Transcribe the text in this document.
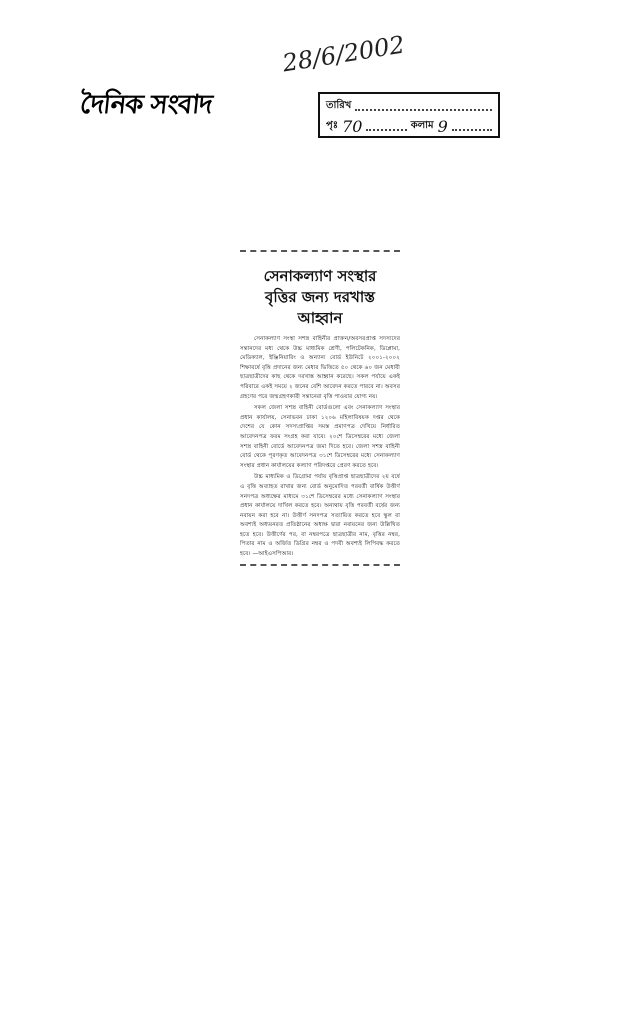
দৈনিক সংবাদ
28/6/2002
তারিখ
পৃঃ 70	কলাম 9
সেনাকল্যাণ সংস্থার
বৃত্তির জন্য দরখাস্ত
আহ্বান

সেনাকল্যাণ সংস্থা সশস্ত্র বাহিনীর প্রাক্তন/অবসরপ্রাপ্ত সদস্যদের সন্তানদের মধ্য থেকে উচ্চ মাধ্যমিক শ্রেণী, পলিটেকনিক, ডিপ্লোমা, মেডিক্যাল, ইঞ্জিনিয়ারিং ও অন্যান্য বোর্ড ইউনিটে ২০০১-২০০২ শিক্ষাবর্ষে বৃত্তি প্রদানের জন্য মেধার ভিত্তিতে ৫০ থেকে ৬০ জন মেধাবী ছাত্রছাত্রীদের কাছ থেকে দরখাস্ত আহ্বান করেছে। সকল পর্যায়ে একই পরিবারে একই সময়ে ২ জনের বেশি আবেদন করতে পারবে না। অবসর গ্রহণের পরে জন্মগ্রহণকারী সন্তানেরা বৃত্তি পাওয়ার যোগ্য নয়।

সকল জেলা সশস্ত্র বাহিনী বোর্ডগুলো এবং সেনাকল্যাণ সংস্থার প্রধান কার্যালয়, সেনাভবন ঢাকা ১২০৬ মহিলাবিষয়ক দপ্তর থেকে দেশের যে কোন সদস্যপ্রাপ্তির সমস্ত প্রমাণপত্র দেখিয়ে নির্ধারিত আবেদনপত্র ফরম সংগ্রহ করা যাবে। ২০শে ডিসেম্বরের মধ্যে জেলা সশস্ত্র বাহিনী বোর্ডে আবেদনপত্র জমা দিতে হবে। জেলা সশস্ত্র বাহিনী বোর্ড থেকে পূরণকৃত আবেদনপত্র ৩১শে ডিসেম্বরের মধ্যে সেনাকল্যাণ সংস্থার প্রধান কার্যালয়ের কল্যাণ পরিদপ্তরে প্রেরণ করতে হবে।

উচ্চ মাধ্যমিক ও ডিগ্রোমা পর্যায় বৃত্তিপ্রাপ্ত ছাত্রছাত্রীদের ২য় বর্ষে এ বৃত্তি অব্যাহত রাখার জন্য বোর্ড অনুমোদিত পরবর্তী বার্ষিক উত্তীর্ণ সনদপত্র অধ্যক্ষের মাধ্যমে ৩১শে ডিসেম্বরের মধ্যে সেনাকল্যাণ সংস্থার প্রধান কার্যালয়ে দাখিল করতে হবে। অন্যথায় বৃত্তি পরবর্তী বর্ষের জন্য নবায়ন করা হবে না। উত্তীর্ণ সনদপত্র সত্যায়িত করতে হবে স্কুল বা অবশ্যই অধ্যয়নরত প্রতিষ্ঠানের অধ্যক্ষ দ্বারা নবায়নের জন্য উল্লিখিত হতে হবে। উত্তীর্ণের পর, বা নম্বরপত্রে ছাত্রছাত্রীর নাম, বৃত্তির নম্বর, পিতার নাম ও অর্জিত ডিগ্রির নম্বর ও পদবী অবশ্যই লিপিবদ্ধ করতে হবে। —আইএসপিআর।
